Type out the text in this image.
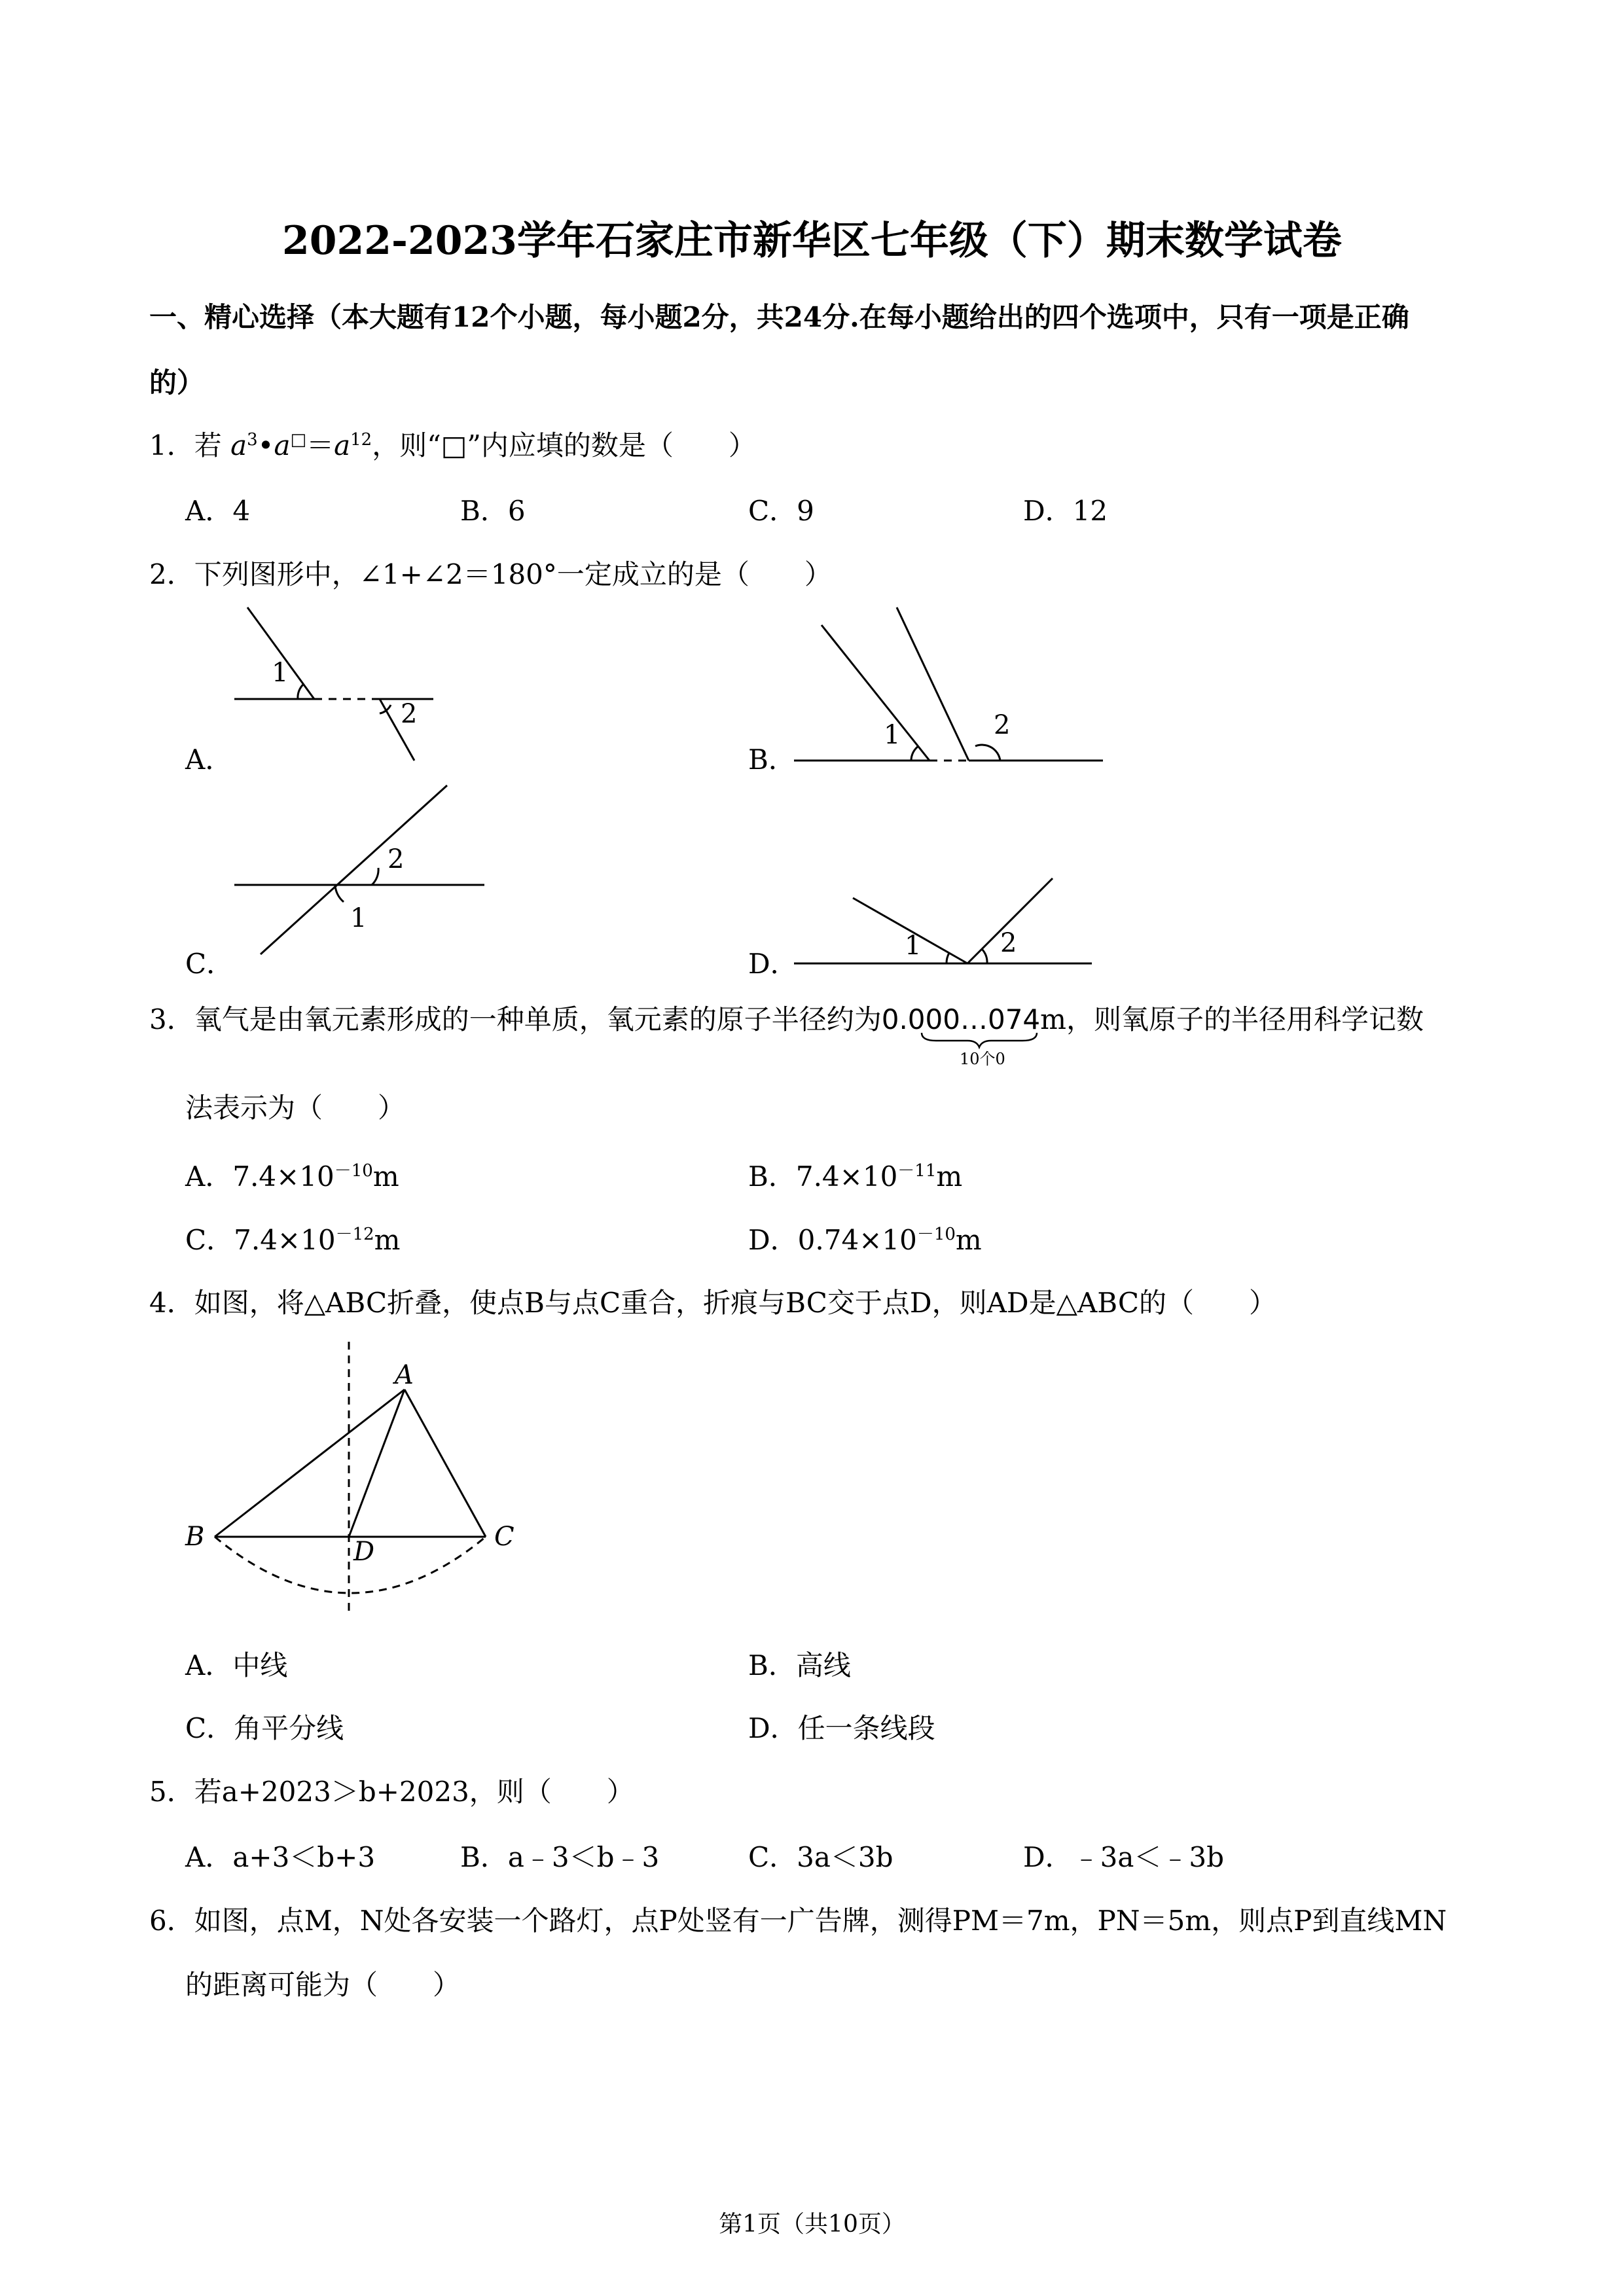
2022-2023学年石家庄市新华区七年级（下）期末数学试卷
一、精心选择（本大题有12个小题，每小题2分，共24分.在每小题给出的四个选项中，只有一项是正确
的）
1．若 $a^3•a^□=a^{12}$，则“□”内应填的数是（　　）
A．4	B．6	C．9	D．12
2．下列图形中，∠1+∠2＝180°一定成立的是（　　）
A．
1
2
B．
1	2
C．
2
1
D．
1	2
3．氧气是由氧元素形成的一种单质，氧元素的原子半径约为0.000…074m，则氧原子的半径用科学记数
10个0
法表示为（　　）
A．$7.4\times 10^{-10}m$	B．$7.4\times 10^{-11}m$
C．$7.4\times 10^{-12}m$	D．$0.74\times 10^{-10}m$
4．如图，将△ABC折叠，使点B与点C重合，折痕与BC交于点D，则AD是△ABC的（　　）
A
B	C
D
A．中线	B．高线
C．角平分线	D．任一条线段
5．若a+2023＞b+2023，则（　　）
A．a+3＜b+3	B．a﹣3＜b﹣3	C．3a＜3b	D．﹣3a＜﹣3b
6．如图，点M，N处各安装一个路灯，点P处竖有一广告牌，测得PM＝7m，PN＝5m，则点P到直线MN
的距离可能为（　　）
第1页（共10页）
